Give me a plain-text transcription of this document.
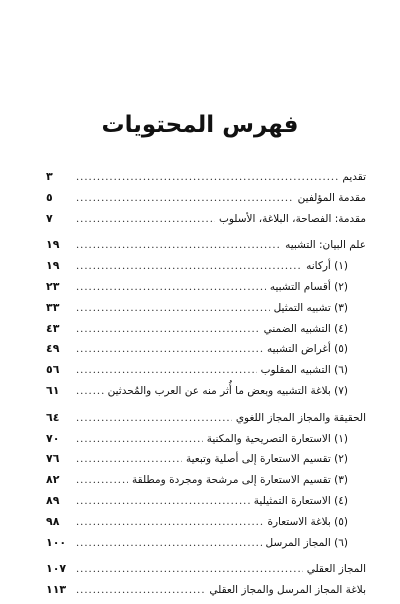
فهرس المحتويات
تقديم
.....
٣
مقدمة المؤلفين
.....
٥
مقدمة: الفصاحة، البلاغة، الأسلوب
.....
٧
علم البيان: التشبيه
.....
١٩
(١) أركانه
.....
١٩
(٢) أقسام التشبيه
.....
٢٣
(٣) تشبيه التمثيل
.....
٣٣
(٤) التشبيه الضمني
.....
٤٣
(٥) أغراض التشبيه
.....
٤٩
(٦) التشبيه المقلوب
.....
٥٦
(٧) بلاغة التشبيه وبعض ما أُثر منه عن العرب والمُحدثين
.....
٦١
الحقيقة والمجاز المجاز اللغوي
.....
٦٤
(١) الاستعارة التصريحية والمكنية
.....
٧٠
(٢) تقسيم الاستعارة إلى أصلية وتبعية
.....
٧٦
(٣) تقسيم الاستعارة إلى مرشحة ومجردة ومطلقة
.....
٨٢
(٤) الاستعارة التمثيلية
.....
٨٩
(٥) بلاغة الاستعارة
.....
٩٨
(٦) المجاز المرسل
.....
١٠٠
المجاز العقلي
.....
١٠٧
بلاغة المجاز المرسل والمجاز العقلي
.....
١١٣
